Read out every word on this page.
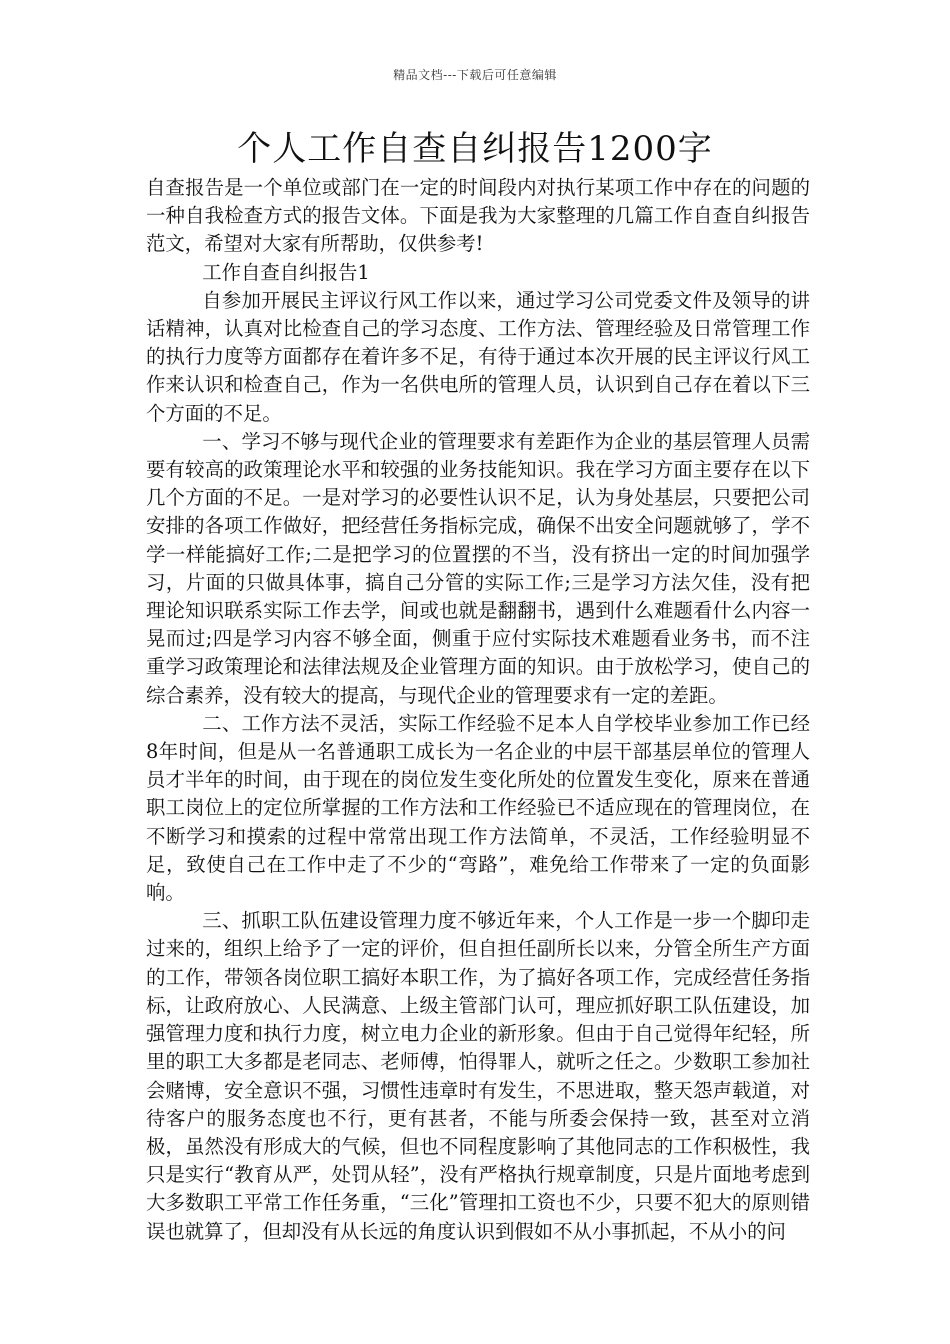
精品文档---下载后可任意编辑
个人工作自查自纠报告1200字

自查报告是一个单位或部门在一定的时间段内对执行某项工作中存在的问题的一种自我检查方式的报告文体。下面是我为大家整理的几篇工作自查自纠报告范文，希望对大家有所帮助，仅供参考!

工作自查自纠报告1

自参加开展民主评议行风工作以来，通过学习公司党委文件及领导的讲话精神，认真对比检查自己的学习态度、工作方法、管理经验及日常管理工作的执行力度等方面都存在着许多不足，有待于通过本次开展的民主评议行风工作来认识和检查自己，作为一名供电所的管理人员，认识到自己存在着以下三个方面的不足。

一、学习不够与现代企业的管理要求有差距作为企业的基层管理人员需要有较高的政策理论水平和较强的业务技能知识。我在学习方面主要存在以下几个方面的不足。一是对学习的必要性认识不足，认为身处基层，只要把公司安排的各项工作做好，把经营任务指标完成，确保不出安全问题就够了，学不学一样能搞好工作;二是把学习的位置摆的不当，没有挤出一定的时间加强学习，片面的只做具体事，搞自己分管的实际工作;三是学习方法欠佳，没有把理论知识联系实际工作去学，间或也就是翻翻书，遇到什么难题看什么内容一晃而过;四是学习内容不够全面，侧重于应付实际技术难题看业务书，而不注重学习政策理论和法律法规及企业管理方面的知识。由于放松学习，使自己的综合素养，没有较大的提高，与现代企业的管理要求有一定的差距。

二、工作方法不灵活，实际工作经验不足本人自学校毕业参加工作已经8年时间，但是从一名普通职工成长为一名企业的中层干部基层单位的管理人员才半年的时间，由于现在的岗位发生变化所处的位置发生变化，原来在普通职工岗位上的定位所掌握的工作方法和工作经验已不适应现在的管理岗位，在不断学习和摸索的过程中常常出现工作方法简单，不灵活，工作经验明显不足，致使自己在工作中走了不少的“弯路”，难免给工作带来了一定的负面影响。

三、抓职工队伍建设管理力度不够近年来，个人工作是一步一个脚印走过来的，组织上给予了一定的评价，但自担任副所长以来，分管全所生产方面的工作，带领各岗位职工搞好本职工作，为了搞好各项工作，完成经营任务指标，让政府放心、人民满意、上级主管部门认可，理应抓好职工队伍建设，加强管理力度和执行力度，树立电力企业的新形象。但由于自己觉得年纪轻，所里的职工大多都是老同志、老师傅，怕得罪人，就听之任之。少数职工参加社会赌博，安全意识不强，习惯性违章时有发生，不思进取，整天怨声载道，对待客户的服务态度也不行，更有甚者，不能与所委会保持一致，甚至对立消极，虽然没有形成大的气候，但也不同程度影响了其他同志的工作积极性，我只是实行“教育从严，处罚从轻”，没有严格执行规章制度，只是片面地考虑到大多数职工平常工作任务重，“三化”管理扣工资也不少，只要不犯大的原则错误也就算了，但却没有从长远的角度认识到假如不从小事抓起，不从小的问
